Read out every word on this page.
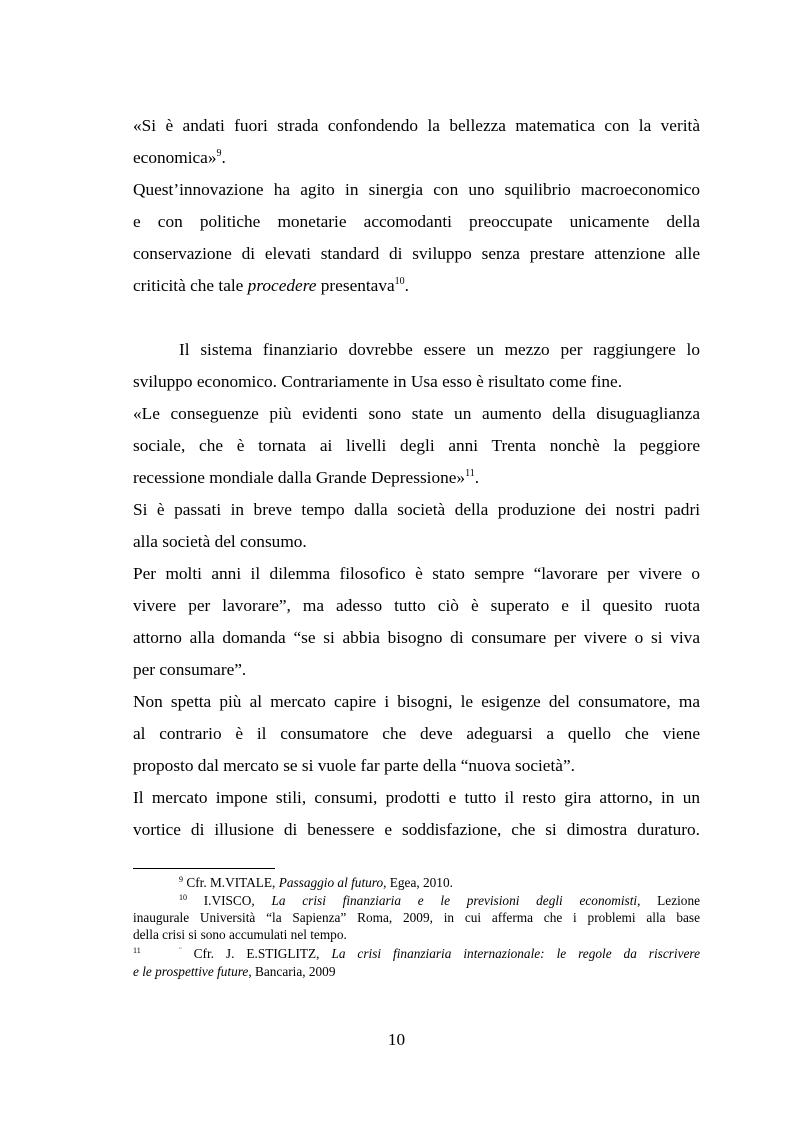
«Si è andati fuori strada confondendo la bellezza matematica con la verità
economica»$^9$.
Quest’innovazione ha agito in sinergia con uno squilibrio macroeconomico
e con politiche monetarie accomodanti preoccupate unicamente della
conservazione di elevati standard di sviluppo senza prestare attenzione alle
criticità che tale procedere presentava$^{10}$.
Il sistema finanziario dovrebbe essere un mezzo per raggiungere lo
sviluppo economico. Contrariamente in Usa esso è risultato come fine.
«Le conseguenze più evidenti sono state un aumento della disuguaglianza
sociale, che è tornata ai livelli degli anni Trenta nonchè la peggiore
recessione mondiale dalla Grande Depressione»$^{11}$.
Si è passati in breve tempo dalla società della produzione dei nostri padri
alla società del consumo.
Per molti anni il dilemma filosofico è stato sempre “lavorare per vivere o
vivere per lavorare”, ma adesso tutto ciò è superato e il quesito ruota
attorno alla domanda “se si abbia bisogno di consumare per vivere o si viva
per consumare”.
Non spetta più al mercato capire i bisogni, le esigenze del consumatore, ma
al contrario è il consumatore che deve adeguarsi a quello che viene
proposto dal mercato se si vuole far parte della “nuova società”.
Il mercato impone stili, consumi, prodotti e tutto il resto gira attorno, in un
vortice di illusione di benessere e soddisfazione, che si dimostra duraturo.
$^9$ Cfr. M.VITALE, Passaggio al futuro, Egea, 2010.
$^{10}$ I.VISCO, La crisi finanziaria e le previsioni degli economisti, Lezione
inaugurale Università “la Sapienza” Roma, 2009, in cui afferma che i problemi alla base
della crisi si sono accumulati nel tempo.
$^{11}$	¨ Cfr. J. E.STIGLITZ, La crisi finanziaria internazionale: le regole da riscrivere
e le prospettive future, Bancaria, 2009
10
